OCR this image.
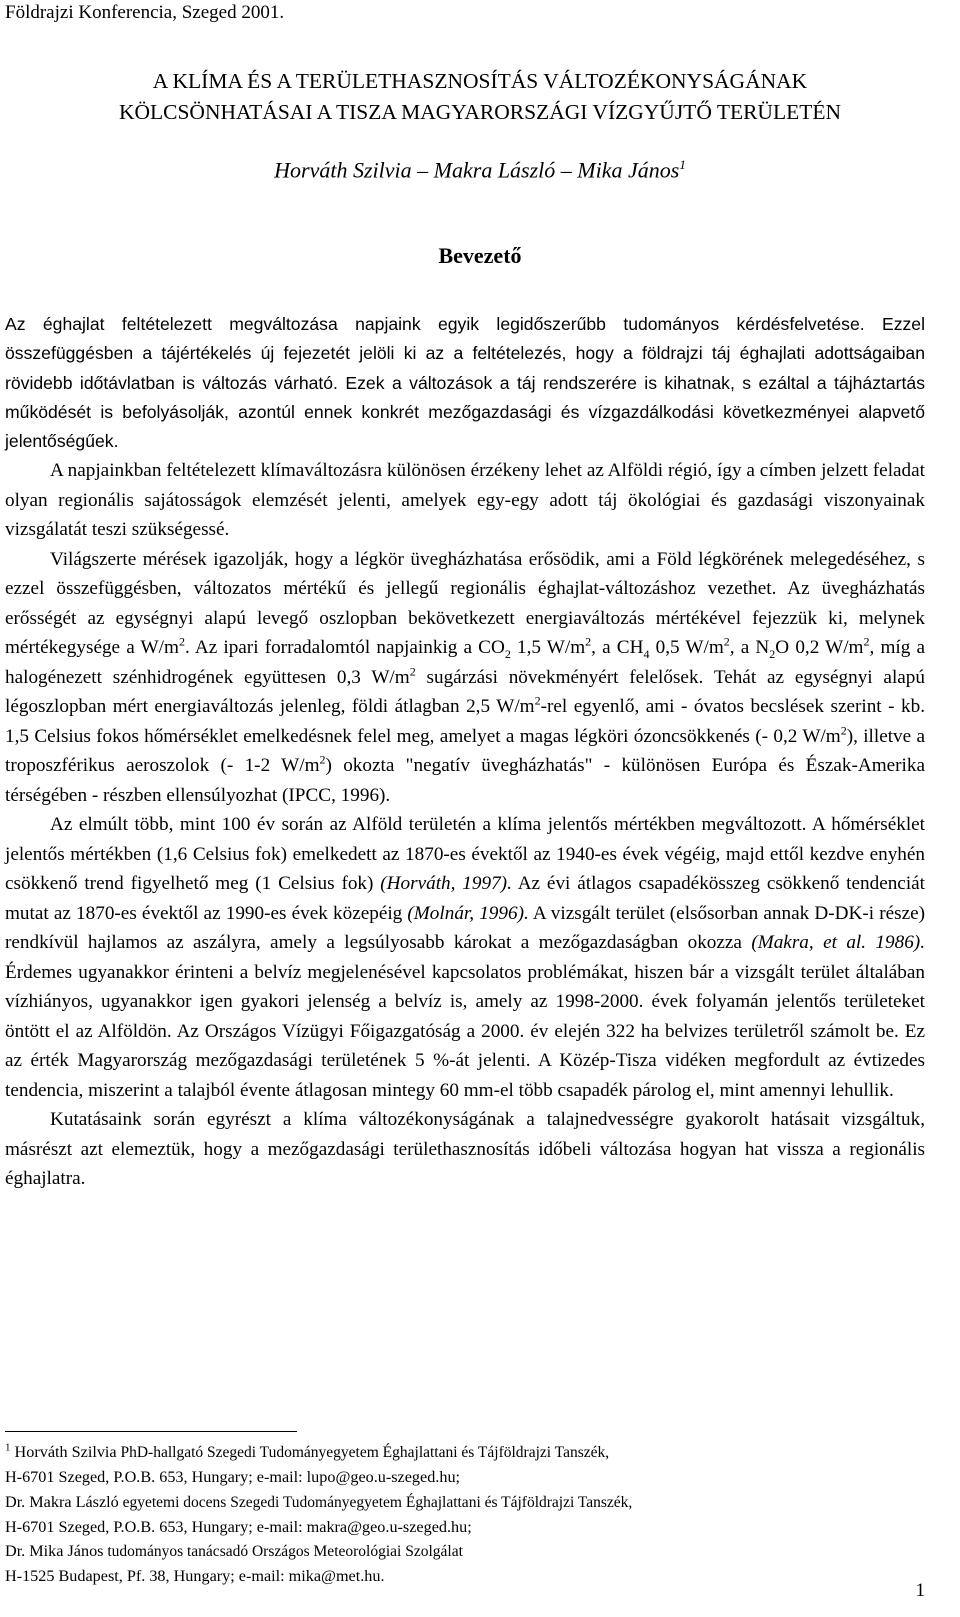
Földrajzi Konferencia, Szeged 2001.
A KLÍMA ÉS A TERÜLETHASZNOSÍTÁS VÁLTOZÉKONYSÁGÁNAK
KÖLCSÖNHATÁSAI A TISZA MAGYARORSZÁGI VÍZGYŰJTŐ TERÜLETÉN
Horváth Szilvia – Makra László – Mika János$^1$
Bevezető

Az éghajlat feltételezett megváltozása napjaink egyik legidőszerűbb tudományos kérdésfelvetése. Ezzel összefüggésben a tájértékelés új fejezetét jelöli ki az a feltételezés, hogy a földrajzi táj éghajlati adottságaiban rövidebb időtávlatban is változás várható. Ezek a változások a táj rendszerére is kihatnak, s ezáltal a tájháztartás működését is befolyásolják, azontúl ennek konkrét mezőgazdasági és vízgazdálkodási következményei alapvető jelentőségűek.

A napjainkban feltételezett klímaváltozásra különösen érzékeny lehet az Alföldi régió, így a címben jelzett feladat olyan regionális sajátosságok elemzését jelenti, amelyek egy-egy adott táj ökológiai és gazdasági viszonyainak vizsgálatát teszi szükségessé.

Világszerte mérések igazolják, hogy a légkör üvegházhatása erősödik, ami a Föld légkörének melegedéséhez, s ezzel összefüggésben, változatos mértékű és jellegű regionális éghajlat-változáshoz vezethet. Az üvegházhatás erősségét az egységnyi alapú levegő oszlopban bekövetkezett energiaváltozás mértékével fejezzük ki, melynek mértékegysége a $W/m^2$. Az ipari forradalomtól napjainkig a $CO_2$ 1,5 $W/m^2$, a $CH_4$ 0,5 $W/m^2$, a $N_2O$ 0,2 $W/m^2$, míg a halogénezett szénhidrogének együttesen 0,3 $W/m^2$ sugárzási növekményért felelősek. Tehát az egységnyi alapú légoszlopban mért energiaváltozás jelenleg, földi átlagban 2,5 $W/m^2$-rel egyenlő, ami - óvatos becslések szerint - kb. 1,5 Celsius fokos hőmérséklet emelkedésnek felel meg, amelyet a magas légköri ózoncsökkenés (- 0,2 $W/m^2$), illetve a troposzférikus aeroszolok (- 1-2 $W/m^2$) okozta "negatív üvegházhatás" - különösen Európa és Észak-Amerika térségében - részben ellensúlyozhat (IPCC, 1996).

Az elmúlt több, mint 100 év során az Alföld területén a klíma jelentős mértékben megváltozott. A hőmérséklet jelentős mértékben (1,6 Celsius fok) emelkedett az 1870-es évektől az 1940-es évek végéig, majd ettől kezdve enyhén csökkenő trend figyelhető meg (1 Celsius fok) (Horváth, 1997). Az évi átlagos csapadékösszeg csökkenő tendenciát mutat az 1870-es évektől az 1990-es évek közepéig (Molnár, 1996). A vizsgált terület (elsősorban annak D-DK-i része) rendkívül hajlamos az aszályra, amely a legsúlyosabb károkat a mezőgazdaságban okozza (Makra, et al. 1986). Érdemes ugyanakkor érinteni a belvíz megjelenésével kapcsolatos problémákat, hiszen bár a vizsgált terület általában vízhiányos, ugyanakkor igen gyakori jelenség a belvíz is, amely az 1998-2000. évek folyamán jelentős területeket öntött el az Alföldön. Az Országos Vízügyi Főigazgatóság a 2000. év elején 322 ha belvizes területről számolt be. Ez az érték Magyarország mezőgazdasági területének 5 %-át jelenti. A Közép-Tisza vidéken megfordult az évtizedes tendencia, miszerint a talajból évente átlagosan mintegy 60 mm-el több csapadék párolog el, mint amennyi lehullik.

Kutatásaink során egyrészt a klíma változékonyságának a talajnedvességre gyakorolt hatásait vizsgáltuk, másrészt azt elemeztük, hogy a mezőgazdasági területhasznosítás időbeli változása hogyan hat vissza a regionális éghajlatra.

$^1$ Horváth Szilvia PhD-hallgató Szegedi Tudományegyetem Éghajlattani és Tájföldrajzi Tanszék,

H-6701 Szeged, P.O.B. 653, Hungary; e-mail: lupo@geo.u-szeged.hu;

Dr. Makra László egyetemi docens Szegedi Tudományegyetem Éghajlattani és Tájföldrajzi Tanszék,

H-6701 Szeged, P.O.B. 653, Hungary; e-mail: makra@geo.u-szeged.hu;

Dr. Mika János tudományos tanácsadó Országos Meteorológiai Szolgálat

H-1525 Budapest, Pf. 38, Hungary; e-mail: mika@met.hu.

1
